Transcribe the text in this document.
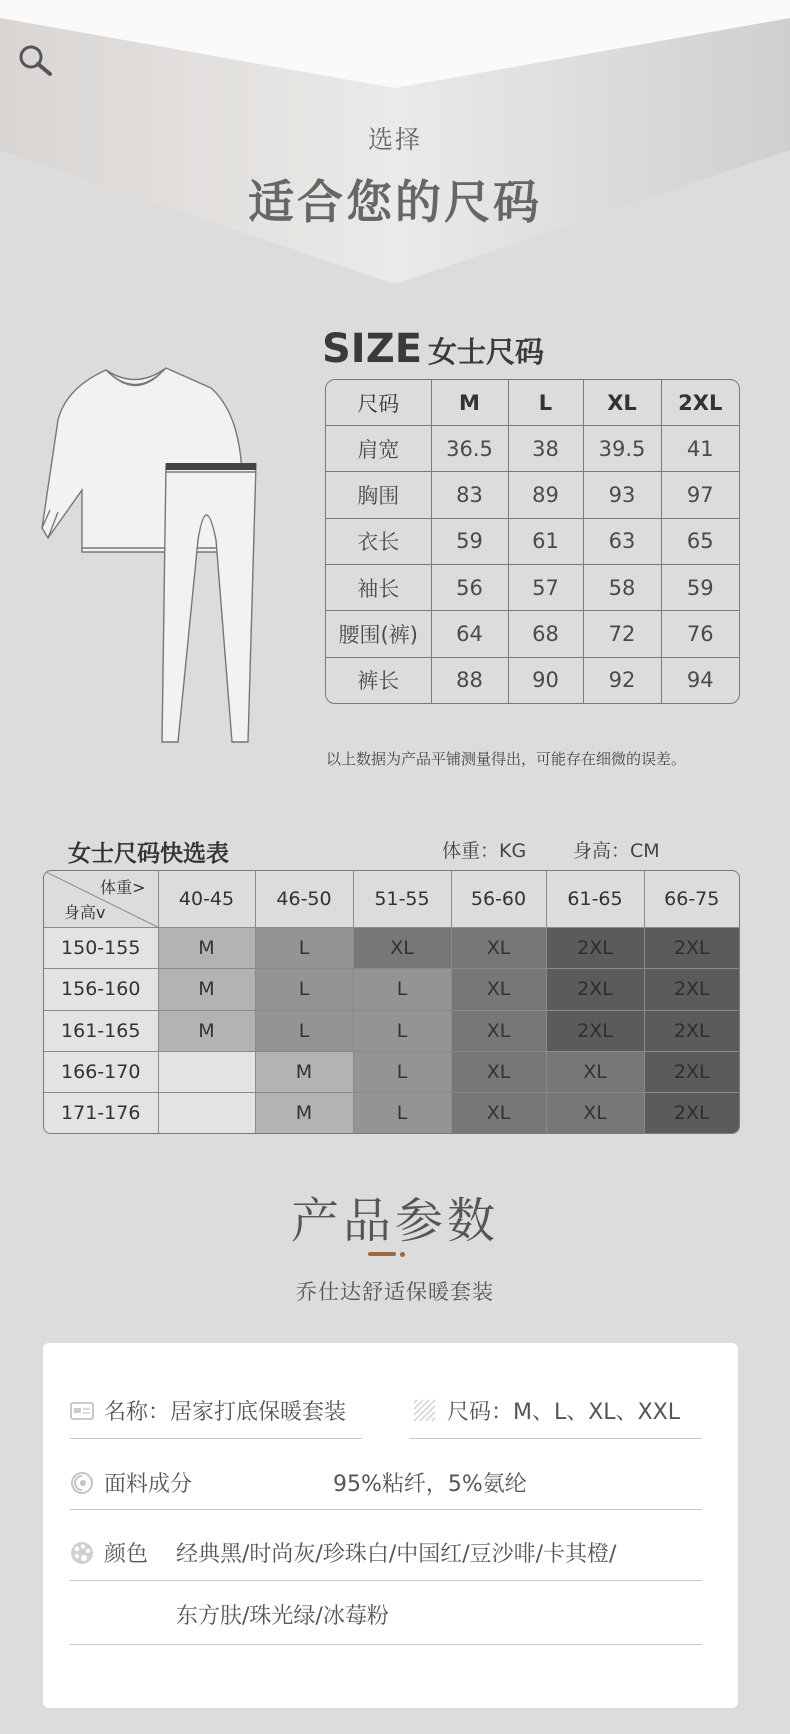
选择
适合您的尺码
SIZE 女士尺码
尺码	M	L	XL	2XL
肩宽	36.5	38	39.5	41
胸围	83	89	93	97
衣长	59	61	63	65
袖长	56	57	58	59
腰围(裤)	64	68	72	76
裤长	88	90	92	94
以上数据为产品平铺测量得出，可能存在细微的误差。
女士尺码快选表	体重：KG 身高：CM
体重>
身高v	40-45	46-50	51-55	56-60	61-65	66-75
150-155	M	L	XL	XL	2XL	2XL
156-160	M	L	L	XL	2XL	2XL
161-165	M	L	L	XL	2XL	2XL
166-170		M	L	XL	XL	2XL
171-176		M	L	XL	XL	2XL
产品参数
乔仕达舒适保暖套装
名称：居家打底保暖套装	尺码：M、L、XL、XXL
面料成分	95%粘纤，5%氨纶
颜色 经典黑/时尚灰/珍珠白/中国红/豆沙啡/卡其橙/
东方肤/珠光绿/冰莓粉
